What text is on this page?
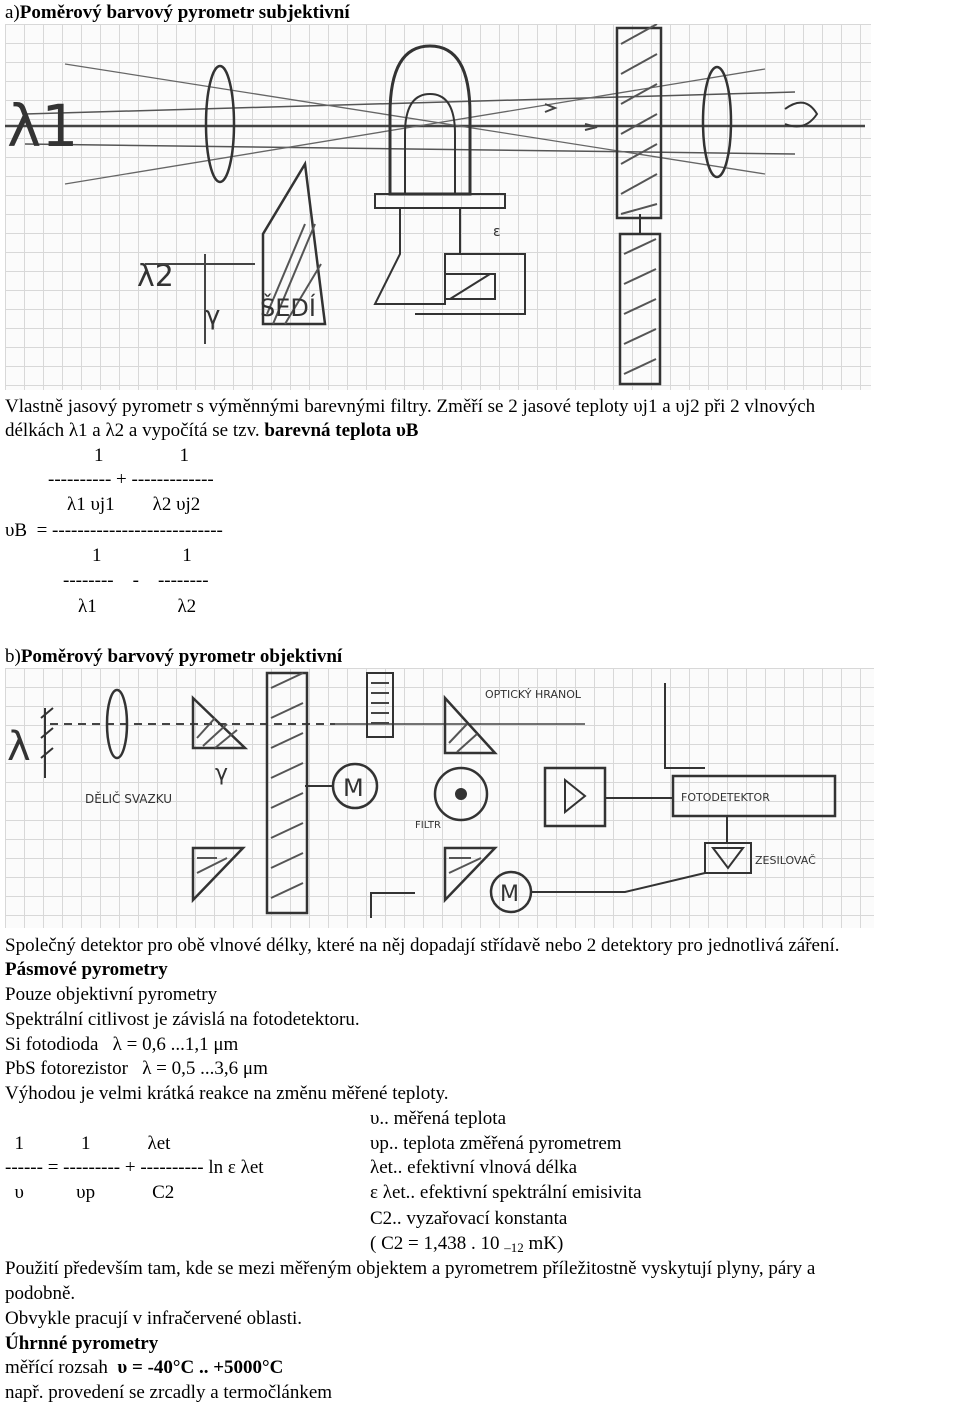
a)Poměrový barvový pyrometr subjektivní
λ1
ε
λ2
γ ŠEDÍ
Vlastně jasový pyrometr s výměnnými barevnými filtry. Změří se 2 jasové teploty υj1 a υj2 při 2 vlnových
délkách λ1 a λ2 a vypočítá se tzv. barevná teplota υB
1                1
---------- + -------------
λ1 υj1        λ2 υj2
υB  = ---------------------------
1                 1
--------    -    --------
λ1                 λ2
b)Poměrový barvový pyrometr objektivní
λ
OPTICKÝ HRANOL
DĚLIČ SVAZKU	M
FILTR
FOTODETEKTOR
ZESILOVAČ
γ
M
Společný detektor pro obě vlnové délky, které na něj dopadají střídavě nebo 2 detektory pro jednotlivá záření.
Pásmové pyrometry
Pouze objektivní pyrometry
Spektrální citlivost je závislá na fotodetektoru.
Si fotodioda   λ = 0,6 ...1,1 μm
PbS fotorezistor   λ = 0,5 ...3,6 μm
Výhodou je velmi krátká reakce na změnu měřené teploty.
υ.. měřená teplota
1            1            λet	υp.. teplota změřená pyrometrem
------ = --------- + ---------- ln ε λet	λet.. efektivní vlnová délka
υ           υp            C2	ε λet.. efektivní spektrální emisivita
C2.. vyzařovací konstanta
( C2 = 1,438 . 10 –12 mK)
Použití především tam, kde se mezi měřeným objektem a pyrometrem příležitostně vyskytují plyny, páry a
podobně.
Obvykle pracují v infračervené oblasti.
Úhrnné pyrometry
měřící rozsah  υ = -40°C .. +5000°C
např. provedení se zrcadly a termočlánkem
